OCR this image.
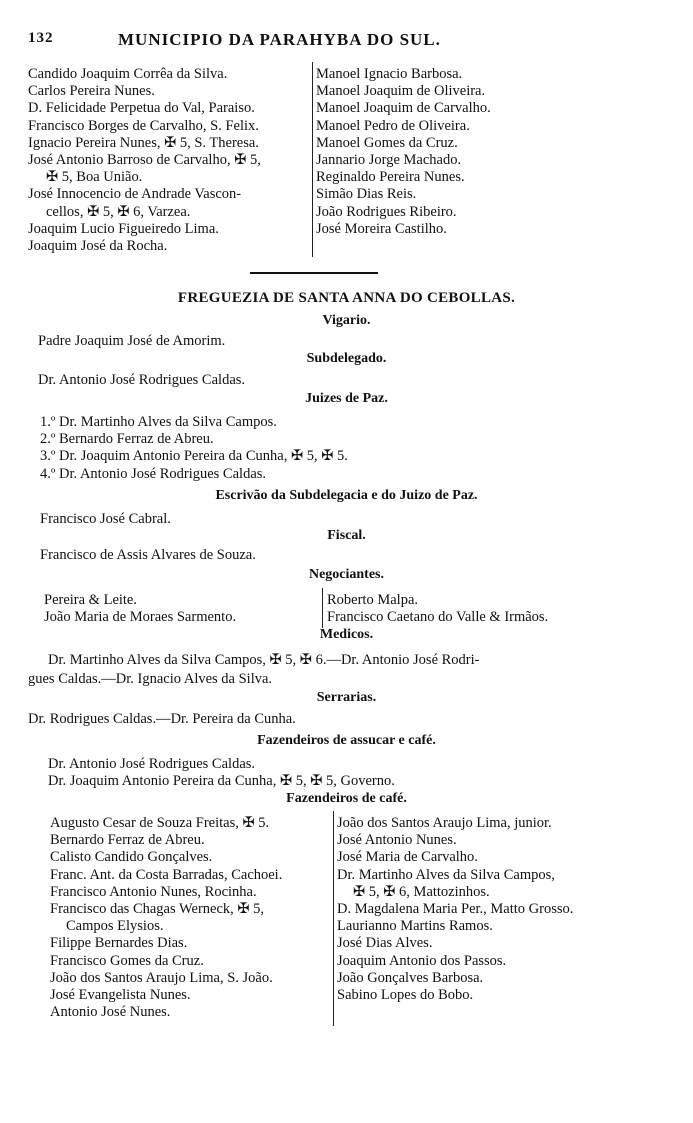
132	MUNICIPIO DA PARAHYBA DO SUL.
Candido Joaquim Corrêa da Silva.
Carlos Pereira Nunes.
D. Felicidade Perpetua do Val, Paraiso.
Francisco Borges de Carvalho, S. Felix.
Ignacio Pereira Nunes, ✠ 5, S. Theresa.
José Antonio Barroso de Carvalho, ✠ 5,
✠ 5, Boa União.
José Innocencio de Andrade Vascon-
cellos, ✠ 5, ✠ 6, Varzea.
Joaquim Lucio Figueiredo Lima.
Joaquim José da Rocha.
Manoel Ignacio Barbosa.
Manoel Joaquim de Oliveira.
Manoel Joaquim de Carvalho.
Manoel Pedro de Oliveira.
Manoel Gomes da Cruz.
Jannario Jorge Machado.
Reginaldo Pereira Nunes.
Simão Dias Reis.
João Rodrigues Ribeiro.
José Moreira Castilho.
FREGUEZIA DE SANTA ANNA DO CEBOLLAS.
Vigario.
Padre Joaquim José de Amorim.
Subdelegado.
Dr. Antonio José Rodrigues Caldas.
Juizes de Paz.
1.º Dr. Martinho Alves da Silva Campos.
2.º Bernardo Ferraz de Abreu.
3.º Dr. Joaquim Antonio Pereira da Cunha, ✠ 5, ✠ 5.
4.º Dr. Antonio José Rodrigues Caldas.
Escrivão da Subdelegacia e do Juizo de Paz.
Francisco José Cabral.
Fiscal.
Francisco de Assis Alvares de Souza.
Negociantes.
Pereira & Leite.
João Maria de Moraes Sarmento.
Roberto Malpa.
Francisco Caetano do Valle & Irmãos.
Medicos.
Dr. Martinho Alves da Silva Campos, ✠ 5, ✠ 6.—Dr. Antonio José Rodri-
gues Caldas.—Dr. Ignacio Alves da Silva.
Serrarias.
Dr. Rodrigues Caldas.—Dr. Pereira da Cunha.
Fazendeiros de assucar e café.
Dr. Antonio José Rodrigues Caldas.
Dr. Joaquim Antonio Pereira da Cunha, ✠ 5, ✠ 5, Governo.
Fazendeiros de café.
Augusto Cesar de Souza Freitas, ✠ 5.
Bernardo Ferraz de Abreu.
Calisto Candido Gonçalves.
Franc. Ant. da Costa Barradas, Cachoei.
Francisco Antonio Nunes, Rocinha.
Francisco das Chagas Werneck, ✠ 5,
Campos Elysios.
Filippe Bernardes Dias.
Francisco Gomes da Cruz.
João dos Santos Araujo Lima, S. João.
José Evangelista Nunes.
Antonio José Nunes.
João dos Santos Araujo Lima, junior.
José Antonio Nunes.
José Maria de Carvalho.
Dr. Martinho Alves da Silva Campos,
✠ 5, ✠ 6, Mattozinhos.
D. Magdalena Maria Per., Matto Grosso.
Laurianno Martins Ramos.
José Dias Alves.
Joaquim Antonio dos Passos.
João Gonçalves Barbosa.
Sabino Lopes do Bobo.
